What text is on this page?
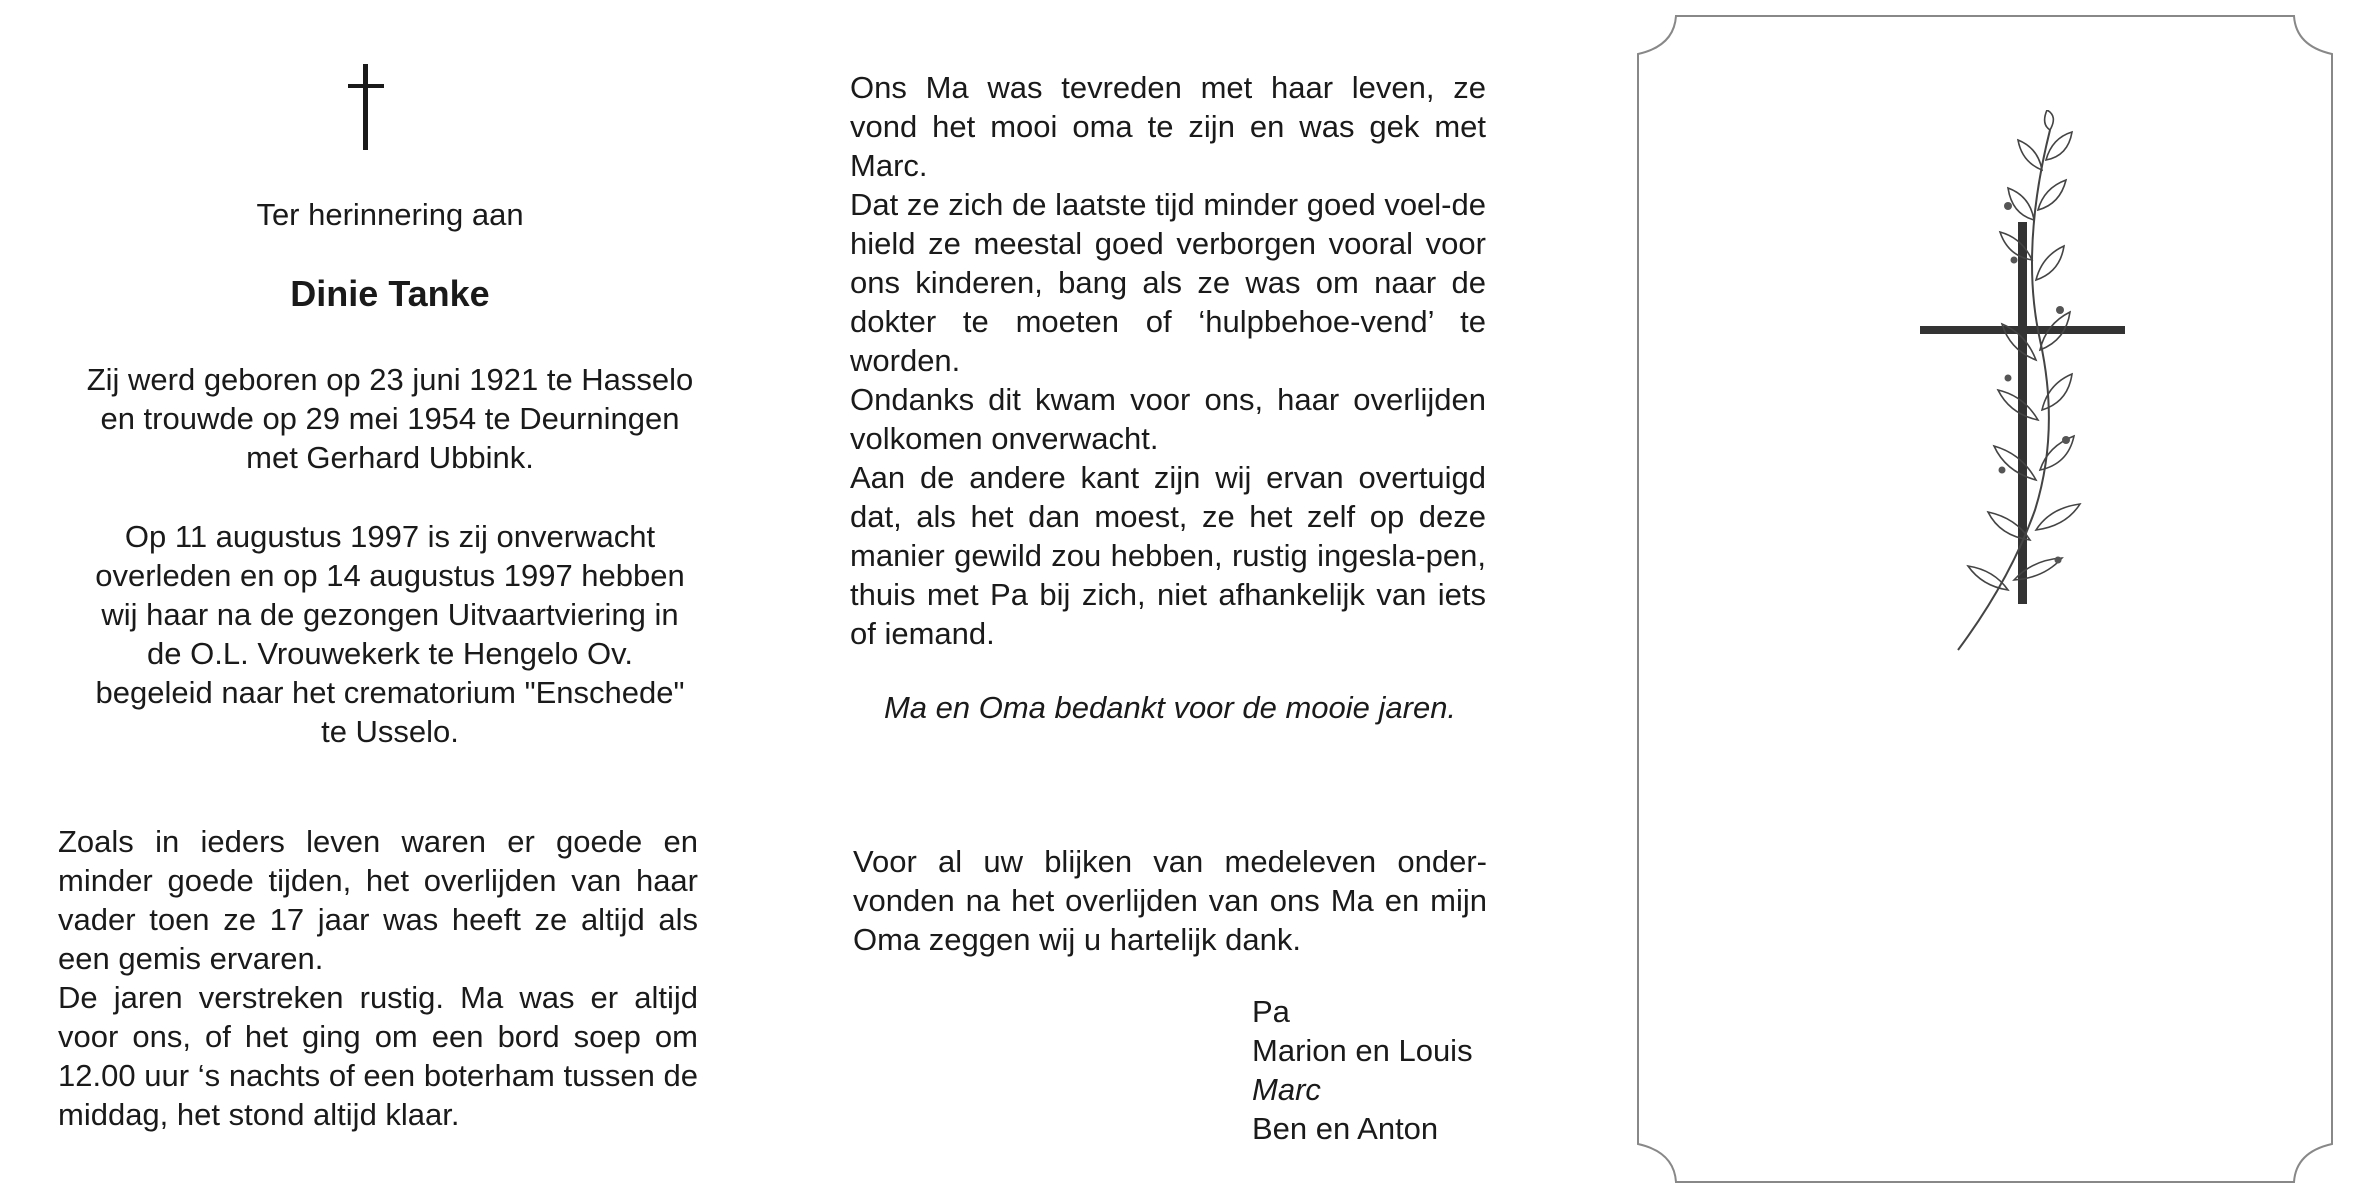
Ter herinnering aan

Dinie Tanke

Zij werd geboren op 23 juni 1921 te Hasselo
en trouwde op 29 mei 1954 te Deurningen
met Gerhard Ubbink.
Op 11 augustus 1997 is zij onverwacht
overleden en op 14 augustus 1997 hebben
wij haar na de gezongen Uitvaartviering in
de O.L. Vrouwekerk te Hengelo Ov.
begeleid naar het crematorium "Enschede"
te Usselo.

Zoals in ieders leven waren er goede en minder goede tijden, het overlijden van haar vader toen ze 17 jaar was heeft ze altijd als een gemis ervaren.

De jaren verstreken rustig. Ma was er altijd voor ons, of het ging om een bord soep om 12.00 uur ‘s nachts of een boterham tussen de middag, het stond altijd klaar.

Ons Ma was tevreden met haar leven, ze vond het mooi oma te zijn en was gek met Marc.

Dat ze zich de laatste tijd minder goed voel-de hield ze meestal goed verborgen vooral voor ons kinderen, bang als ze was om naar de dokter te moeten of ‘hulpbehoe-vend’ te worden.

Ondanks dit kwam voor ons, haar overlijden volkomen onverwacht.

Aan de andere kant zijn wij ervan overtuigd dat, als het dan moest, ze het zelf op deze manier gewild zou hebben, rustig ingesla-pen, thuis met Pa bij zich, niet afhankelijk van iets of iemand.

Ma en Oma bedankt voor de mooie jaren.

Voor al uw blijken van medeleven onder-vonden na het overlijden van ons Ma en mijn Oma zeggen wij u hartelijk dank.

Pa
Marion en Louis
Marc
Ben en Anton
